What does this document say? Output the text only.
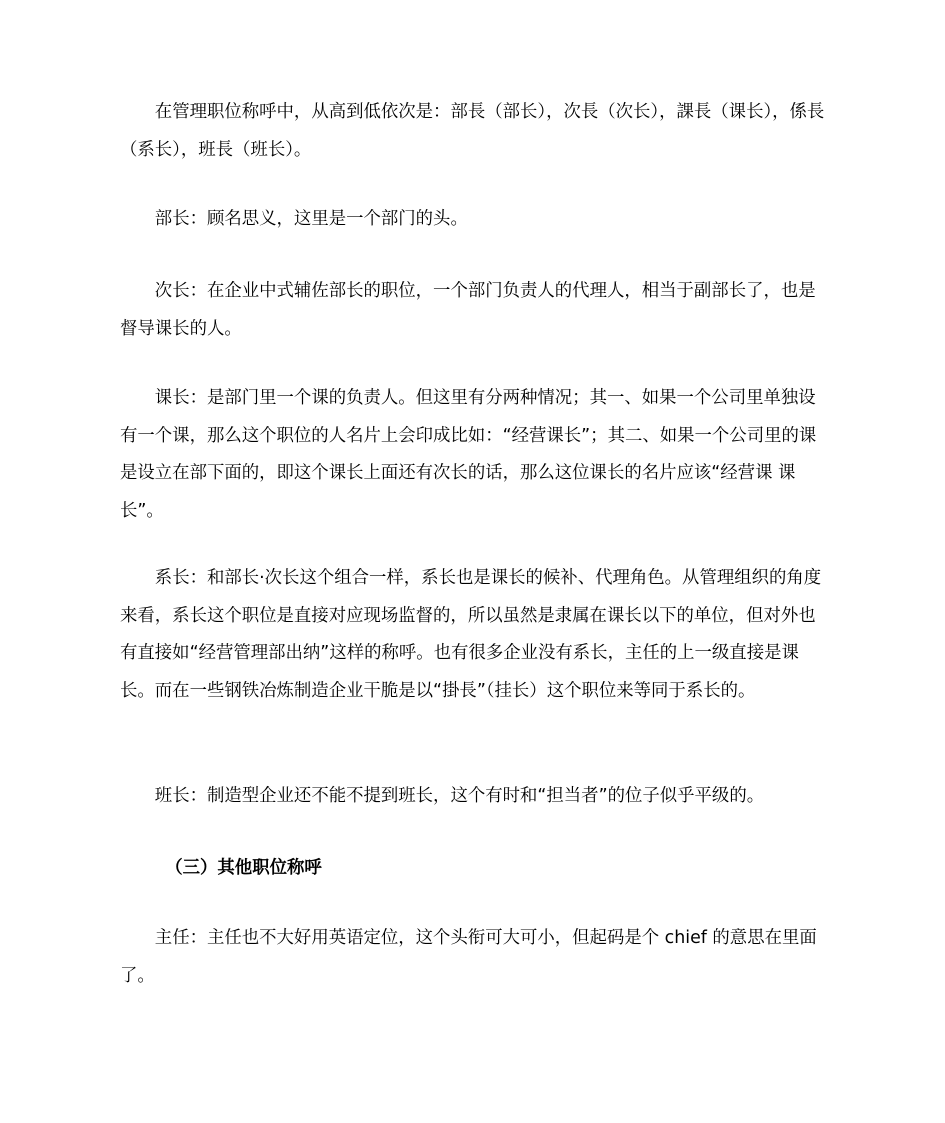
在管理职位称呼中，从高到低依次是：部長（部长），次長（次长），課長（课长），係長（系长），班長（班长）。

部长：顾名思义，这里是一个部门的头。

次长：在企业中式辅佐部长的职位，一个部门负责人的代理人，相当于副部长了，也是督导课长的人。

课长：是部门里一个课的负责人。但这里有分两种情况；其一、如果一个公司里单独设有一个课，那么这个职位的人名片上会印成比如：“经营课长”；其二、如果一个公司里的课是设立在部下面的，即这个课长上面还有次长的话，那么这位课长的名片应该“经营课 课长”。

系长：和部长·次长这个组合一样，系长也是课长的候补、代理角色。从管理组织的角度来看，系长这个职位是直接对应现场监督的，所以虽然是隶属在课长以下的单位，但对外也有直接如“经营管理部出纳”这样的称呼。也有很多企业没有系长，主任的上一级直接是课长。而在一些钢铁冶炼制造企业干脆是以“掛長”（挂长）这个职位来等同于系长的。

班长：制造型企业还不能不提到班长，这个有时和“担当者”的位子似乎平级的。

（三）其他职位称呼

主任：主任也不大好用英语定位，这个头衔可大可小，但起码是个 chief 的意思在里面了。
